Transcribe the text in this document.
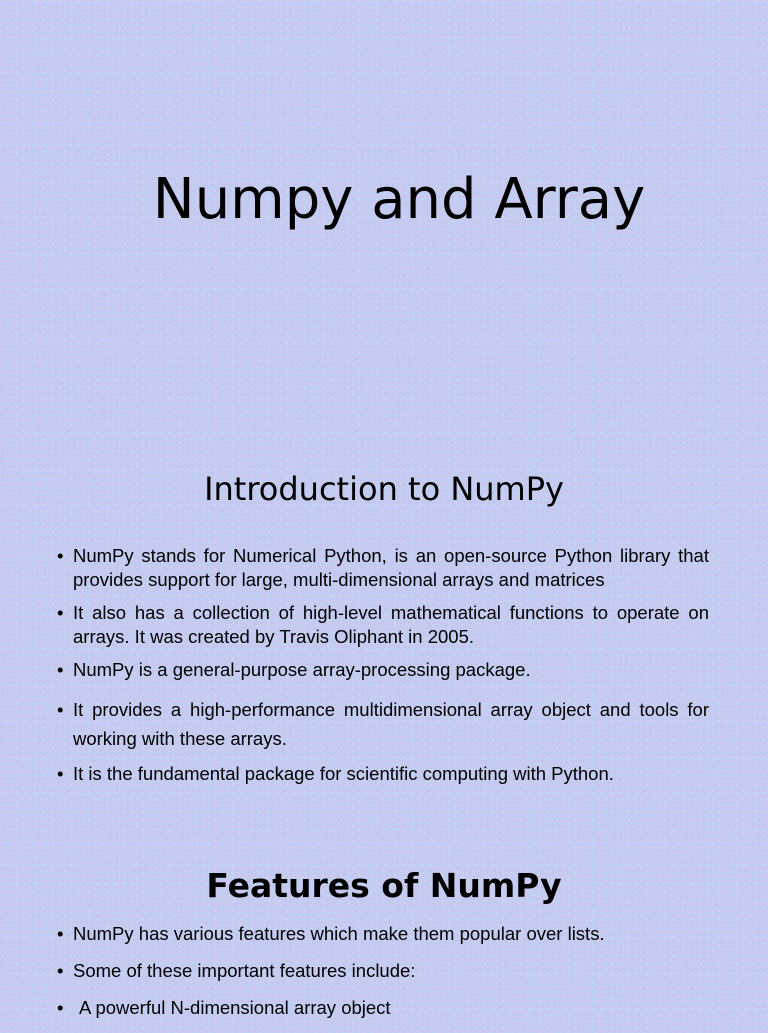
Numpy and Array
Introduction to NumPy
• NumPy stands for Numerical Python, is an open-source Python library that provides support for large, multi-dimensional arrays and matrices
• It also has a collection of high-level mathematical functions to operate on arrays. It was created by Travis Oliphant in 2005.
• NumPy is a general-purpose array-processing package.
• It provides a high-performance multidimensional array object and tools for working with these arrays.
• It is the fundamental package for scientific computing with Python.
Features of NumPy
• NumPy has various features which make them popular over lists.
• Some of these important features include:
• A powerful N-dimensional array object
